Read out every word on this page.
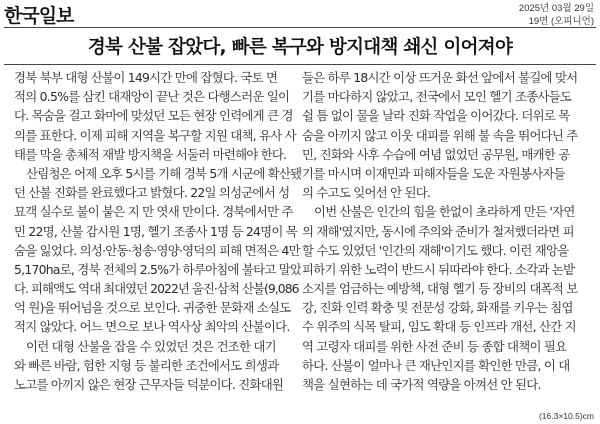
한국일보	2025년 03월 29일
19면 (오피니언)
경북 산불 잡았다, 빠른 복구와 방지대책 쇄신 이어져야
경북 북부 대형 산불이 149시간 만에 잡혔다. 국토 면
적의 0.5%를 삼킨 대재앙이 끝난 것은 다행스러운 일이
다. 목숨을 걸고 화마에 맞섰던 모든 현장 인력에게 큰 경
의를 표한다. 이제 피해 지역을 복구할 지원 대책, 유사 사
태를 막을 총체적 재발 방지책을 서둘러 마련해야 한다.
산림청은 어제 오후 5시를 기해 경북 5개 시군에 확산됐
던 산불 진화를 완료했다고 밝혔다. 22일 의성군에서 성
묘객 실수로 불이 붙은 지 만 엿새 만이다. 경북에서만 주
민 22명, 산불 감시원 1명, 헬기 조종사 1명 등 24명이 목
숨을 잃었다. 의성·안동·청송·영양·영덕의 피해 면적은 4만
5,170ha로, 경북 전체의 2.5%가 하루아침에 불타고 말았
다. 피해액도 역대 최대였던 2022년 울진·삼척 산불(9,086
억 원)을 뛰어넘을 것으로 보인다. 귀중한 문화재 소실도
적지 않았다. 어느 면으로 보나 역사상 최악의 산불이다.
이런 대형 산불을 잡을 수 있었던 것은 건조한 대기
와 빠른 바람, 험한 지형 등 불리한 조건에서도 희생과
노고를 아끼지 않은 현장 근무자들 덕분이다. 진화대원
들은 하루 18시간 이상 뜨거운 화선 앞에서 불길에 맞서
기를 마다하지 않았고, 전국에서 모인 헬기 조종사들도
쉴 틈 없이 물을 날라 진화 작업을 이어갔다. 더위로 목
숨을 아끼지 않고 이웃 대피를 위해 불 속을 뛰어다닌 주
민, 진화와 사후 수습에 여념 없었던 공무원, 매캐한 공
기를 마시며 이재민과 피해자들을 도운 자원봉사자들
의 수고도 잊어선 안 된다.
이번 산불은 인간의 힘을 한없이 초라하게 만든 '자연
의 재해'였지만, 동시에 주의와 준비가 철저했더라면 피
할 수도 있었던 '인간의 재해'이기도 했다. 이런 재앙을
피하기 위한 노력이 반드시 뒤따라야 한다. 소각과 논밭
소지를 엄금하는 예방책, 대형 헬기 등 장비의 대폭적 보
강, 진화 인력 확충 및 전문성 강화, 화재를 키우는 침엽
수 위주의 식목 탈피, 임도 확대 등 인프라 개선, 산간 지
역 고령자 대피를 위한 사전 준비 등 종합 대책이 필요
하다. 산불이 얼마나 큰 재난인지를 확인한 만큼, 이 대
책을 실현하는 데 국가적 역량을 아껴선 안 된다.
(16.3×10.5)cm
